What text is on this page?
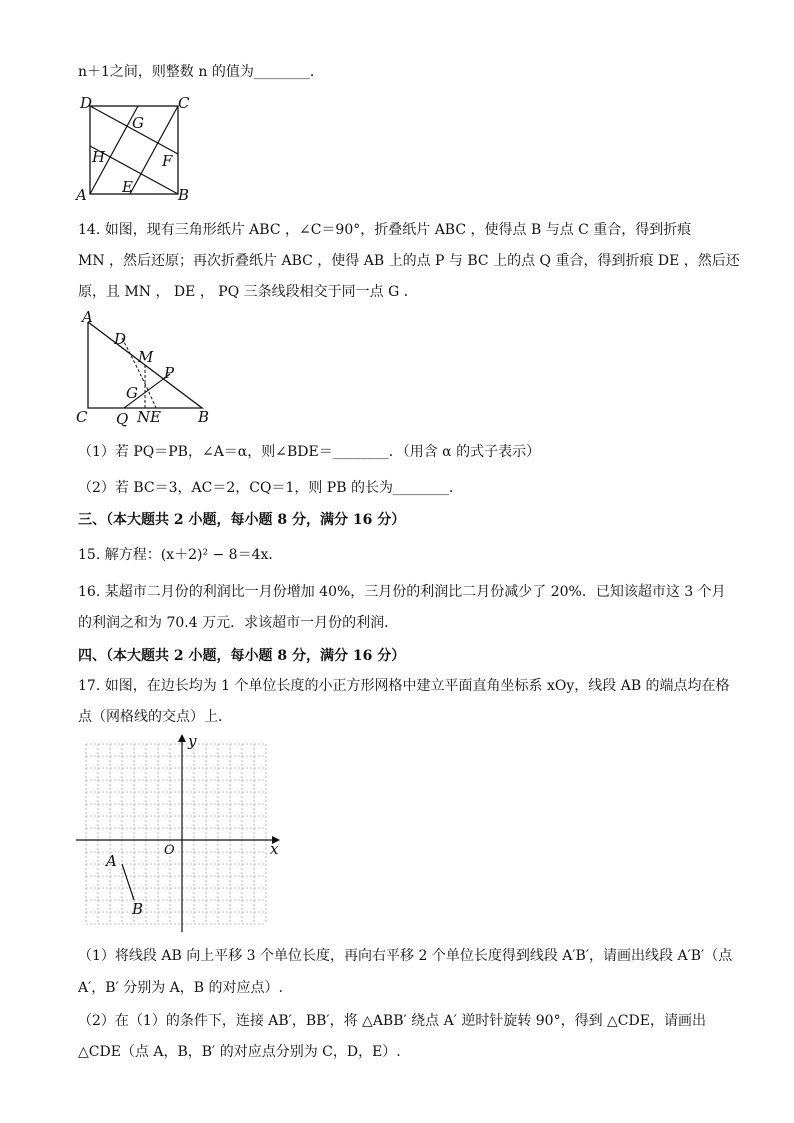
n＋1之间，则整数 n 的值为________．
D	C
A	B
G
H	F
E
14. 如图，现有三角形纸片 ABC ，∠C＝90°，折叠纸片 ABC ，使得点 B 与点 C 重合，得到折痕
MN ，然后还原；再次折叠纸片 ABC ，使得 AB 上的点 P 与 BC 上的点 Q 重合，得到折痕 DE ，然后还
原，且 MN ， DE ， PQ 三条线段相交于同一点 G ．
A
D
M
P
G
C Q N E B
（1）若 PQ＝PB，∠A＝α，则∠BDE＝________．（用含 α 的式子表示）
（2）若 BC＝3，AC＝2，CQ＝1，则 PB 的长为________．
三、（本大题共 2 小题，每小题 8 分，满分 16 分）
15. 解方程：(x＋2)² − 8＝4x．
16. 某超市二月份的利润比一月份增加 40%，三月份的利润比二月份减少了 20%．已知该超市这 3 个月
的利润之和为 70.4 万元．求该超市一月份的利润．
四、（本大题共 2 小题，每小题 8 分，满分 16 分）
17. 如图，在边长均为 1 个单位长度的小正方形网格中建立平面直角坐标系 xOy，线段 AB 的端点均在格
点（网格线的交点）上．
y
x
O
A
B
（1）将线段 AB 向上平移 3 个单位长度，再向右平移 2 个单位长度得到线段 A′B′，请画出线段 A′B′（点
A′，B′ 分别为 A，B 的对应点）.
（2）在（1）的条件下，连接 AB′，BB′，将 △ABB′ 绕点 A′ 逆时针旋转 90°，得到 △CDE，请画出
△CDE（点 A，B，B′ 的对应点分别为 C，D，E）.
